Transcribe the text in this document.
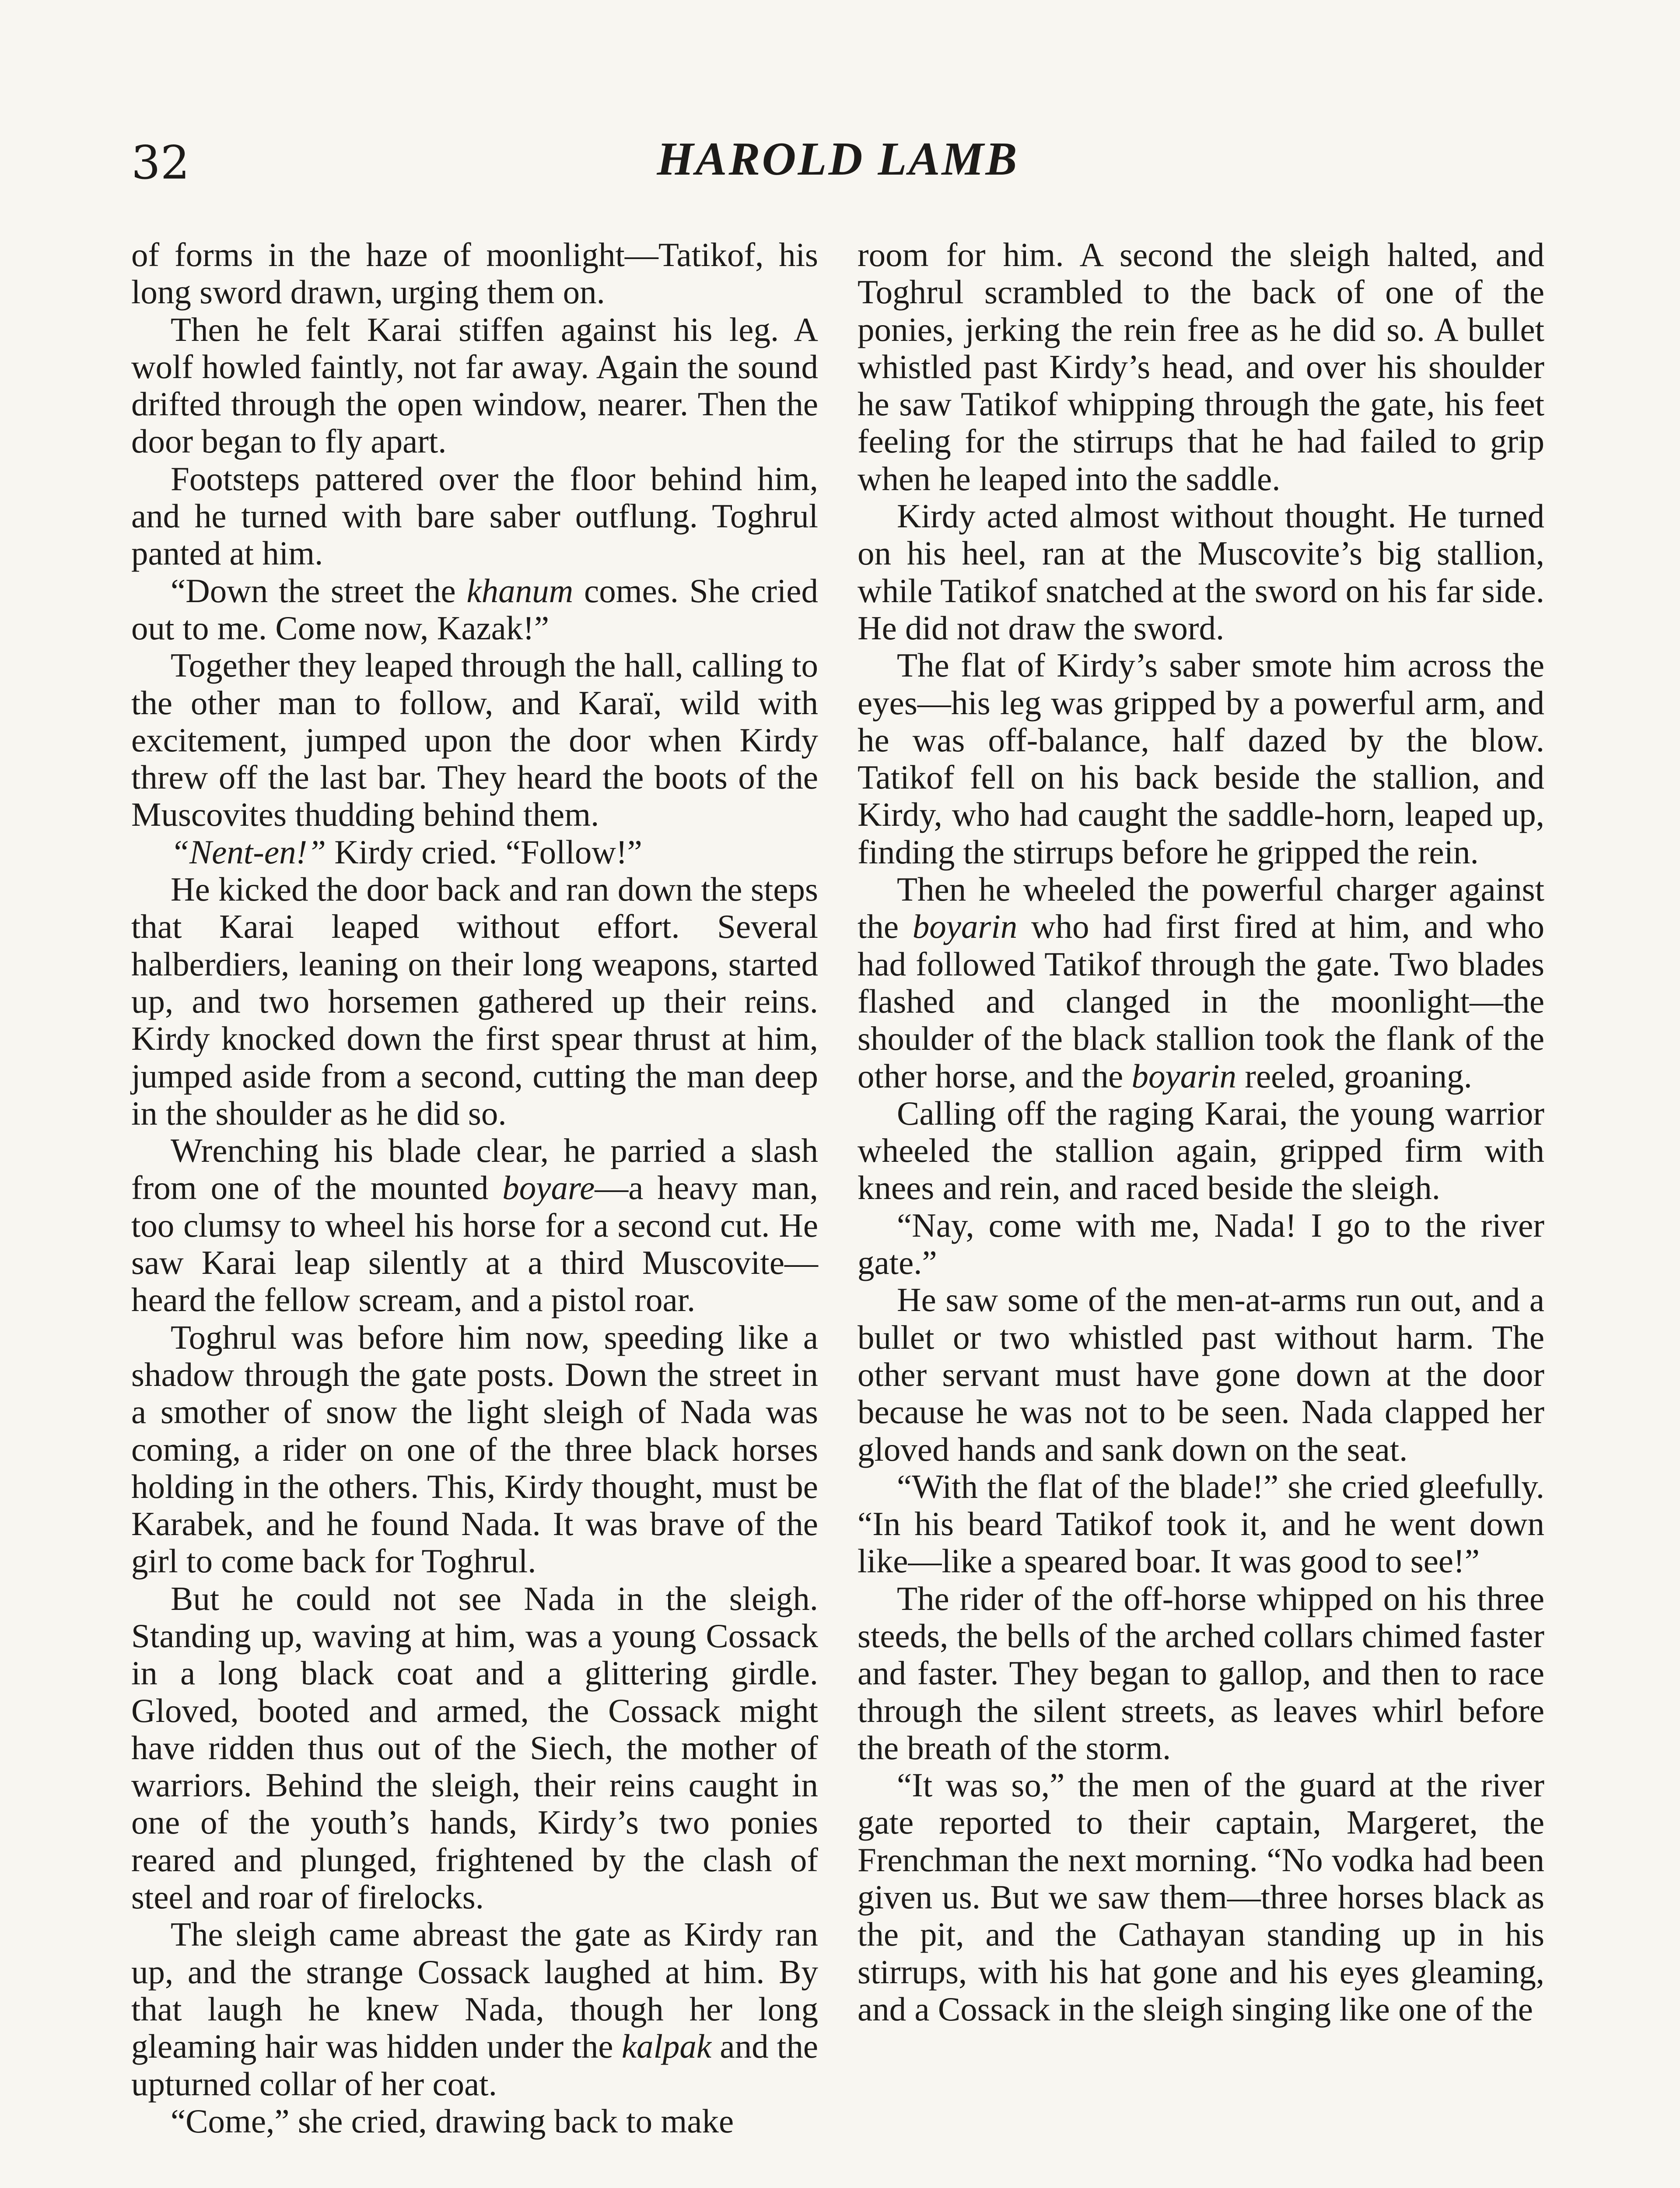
32	HAROLD LAMB

of forms in the haze of moonlight—Tatikof, his long sword drawn, urging them on.

Then he felt Karai stiffen against his leg. A wolf howled faintly, not far away. Again the sound drifted through the open window, nearer. Then the door began to fly apart.

Footsteps pattered over the floor behind him, and he turned with bare saber outflung. Toghrul panted at him.

“Down the street the khanum comes. She cried out to me. Come now, Kazak!”

Together they leaped through the hall, calling to the other man to follow, and Karaï, wild with excitement, jumped upon the door when Kirdy threw off the last bar. They heard the boots of the Muscovites thudding behind them.

“Nent-en!” Kirdy cried. “Follow!”

He kicked the door back and ran down the steps that Karai leaped without effort. Several halberdiers, leaning on their long weapons, started up, and two horsemen gathered up their reins. Kirdy knocked down the first spear thrust at him, jumped aside from a second, cutting the man deep in the shoulder as he did so.

Wrenching his blade clear, he parried a slash from one of the mounted boyare—a heavy man, too clumsy to wheel his horse for a second cut. He saw Karai leap silently at a third Muscovite—heard the fellow scream, and a pistol roar.

Toghrul was before him now, speeding like a shadow through the gate posts. Down the street in a smother of snow the light sleigh of Nada was coming, a rider on one of the three black horses holding in the others. This, Kirdy thought, must be Karabek, and he found Nada. It was brave of the girl to come back for Toghrul.

But he could not see Nada in the sleigh. Standing up, waving at him, was a young Cossack in a long black coat and a glittering girdle. Gloved, booted and armed, the Cossack might have ridden thus out of the Siech, the mother of warriors. Behind the sleigh, their reins caught in one of the youth’s hands, Kirdy’s two ponies reared and plunged, frightened by the clash of steel and roar of firelocks.

The sleigh came abreast the gate as Kirdy ran up, and the strange Cossack laughed at him. By that laugh he knew Nada, though her long gleaming hair was hidden under the kalpak and the upturned collar of her coat.

“Come,” she cried, drawing back to make

room for him. A second the sleigh halted, and Toghrul scrambled to the back of one of the ponies, jerking the rein free as he did so. A bullet whistled past Kirdy’s head, and over his shoulder he saw Tatikof whipping through the gate, his feet feeling for the stirrups that he had failed to grip when he leaped into the saddle.

Kirdy acted almost without thought. He turned on his heel, ran at the Muscovite’s big stallion, while Tatikof snatched at the sword on his far side. He did not draw the sword.

The flat of Kirdy’s saber smote him across the eyes—his leg was gripped by a powerful arm, and he was off-balance, half dazed by the blow. Tatikof fell on his back beside the stallion, and Kirdy, who had caught the saddle-horn, leaped up, finding the stirrups before he gripped the rein.

Then he wheeled the powerful charger against the boyarin who had first fired at him, and who had followed Tatikof through the gate. Two blades flashed and clanged in the moonlight—the shoulder of the black stallion took the flank of the other horse, and the boyarin reeled, groaning.

Calling off the raging Karai, the young warrior wheeled the stallion again, gripped firm with knees and rein, and raced beside the sleigh.

“Nay, come with me, Nada! I go to the river gate.”

He saw some of the men-at-arms run out, and a bullet or two whistled past without harm. The other servant must have gone down at the door because he was not to be seen. Nada clapped her gloved hands and sank down on the seat.

“With the flat of the blade!” she cried gleefully. “In his beard Tatikof took it, and he went down like—like a speared boar. It was good to see!”

The rider of the off-horse whipped on his three steeds, the bells of the arched collars chimed faster and faster. They began to gallop, and then to race through the silent streets, as leaves whirl before the breath of the storm.

“It was so,” the men of the guard at the river gate reported to their captain, Margeret, the Frenchman the next morning. “No vodka had been given us. But we saw them—three horses black as the pit, and the Cathayan standing up in his stirrups, with his hat gone and his eyes gleaming, and a Cossack in the sleigh singing like one of the
